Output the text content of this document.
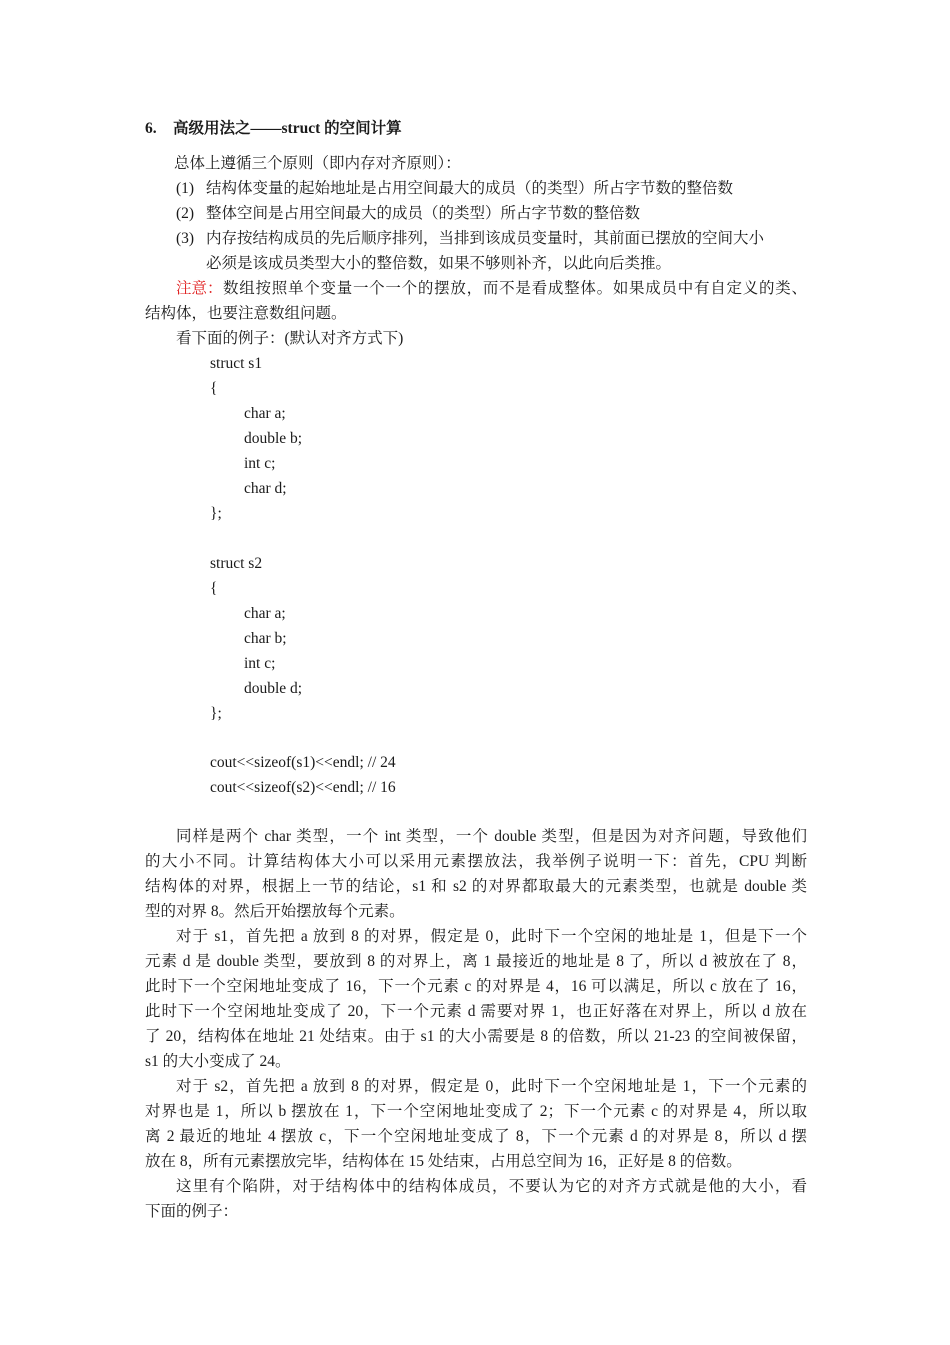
6. 高级用法之——struct 的空间计算
总体上遵循三个原则（即内存对齐原则）：
(1) 结构体变量的起始地址是占用空间最大的成员（的类型）所占字节数的整倍数
(2) 整体空间是占用空间最大的成员（的类型）所占字节数的整倍数
(3) 内存按结构成员的先后顺序排列，当排到该成员变量时，其前面已摆放的空间大小
必须是该成员类型大小的整倍数，如果不够则补齐，以此向后类推。
注意： 数组按照单个变量一个一个的摆放，而不是看成整体。如果成员中有自定义的类、
结构体，也要注意数组问题。
看下面的例子：(默认对齐方式下)
struct s1
{
char a;
double b;
int c;
char d;
};
struct s2
{
char a;
char b;
int c;
double d;
};
cout<<sizeof(s1)<<endl; // 24
cout<<sizeof(s2)<<endl; // 16
同样是两个 char 类型，一个 int 类型，一个 double 类型，但是因为对齐问题，导致他们
的大小不同。计算结构体大小可以采用元素摆放法，我举例子说明一下：首先，CPU 判断
结构体的对界，根据上一节的结论，s1 和 s2 的对界都取最大的元素类型，也就是 double 类
型的对界 8。然后开始摆放每个元素。
对于 s1，首先把 a 放到 8 的对界，假定是 0，此时下一个空闲的地址是 1，但是下一个
元素 d 是 double 类型，要放到 8 的对界上，离 1 最接近的地址是 8 了，所以 d 被放在了 8，
此时下一个空闲地址变成了 16，下一个元素 c 的对界是 4，16 可以满足，所以 c 放在了 16，
此时下一个空闲地址变成了 20，下一个元素 d 需要对界 1，也正好落在对界上，所以 d 放在
了 20，结构体在地址 21 处结束。由于 s1 的大小需要是 8 的倍数，所以 21-23 的空间被保留，
s1 的大小变成了 24。
对于 s2，首先把 a 放到 8 的对界，假定是 0，此时下一个空闲地址是 1，下一个元素的
对界也是 1，所以 b 摆放在 1，下一个空闲地址变成了 2；下一个元素 c 的对界是 4，所以取
离 2 最近的地址 4 摆放 c，下一个空闲地址变成了 8，下一个元素 d 的对界是 8，所以 d 摆
放在 8，所有元素摆放完毕，结构体在 15 处结束，占用总空间为 16，正好是 8 的倍数。
这里有个陷阱，对于结构体中的结构体成员，不要认为它的对齐方式就是他的大小，看
下面的例子：
